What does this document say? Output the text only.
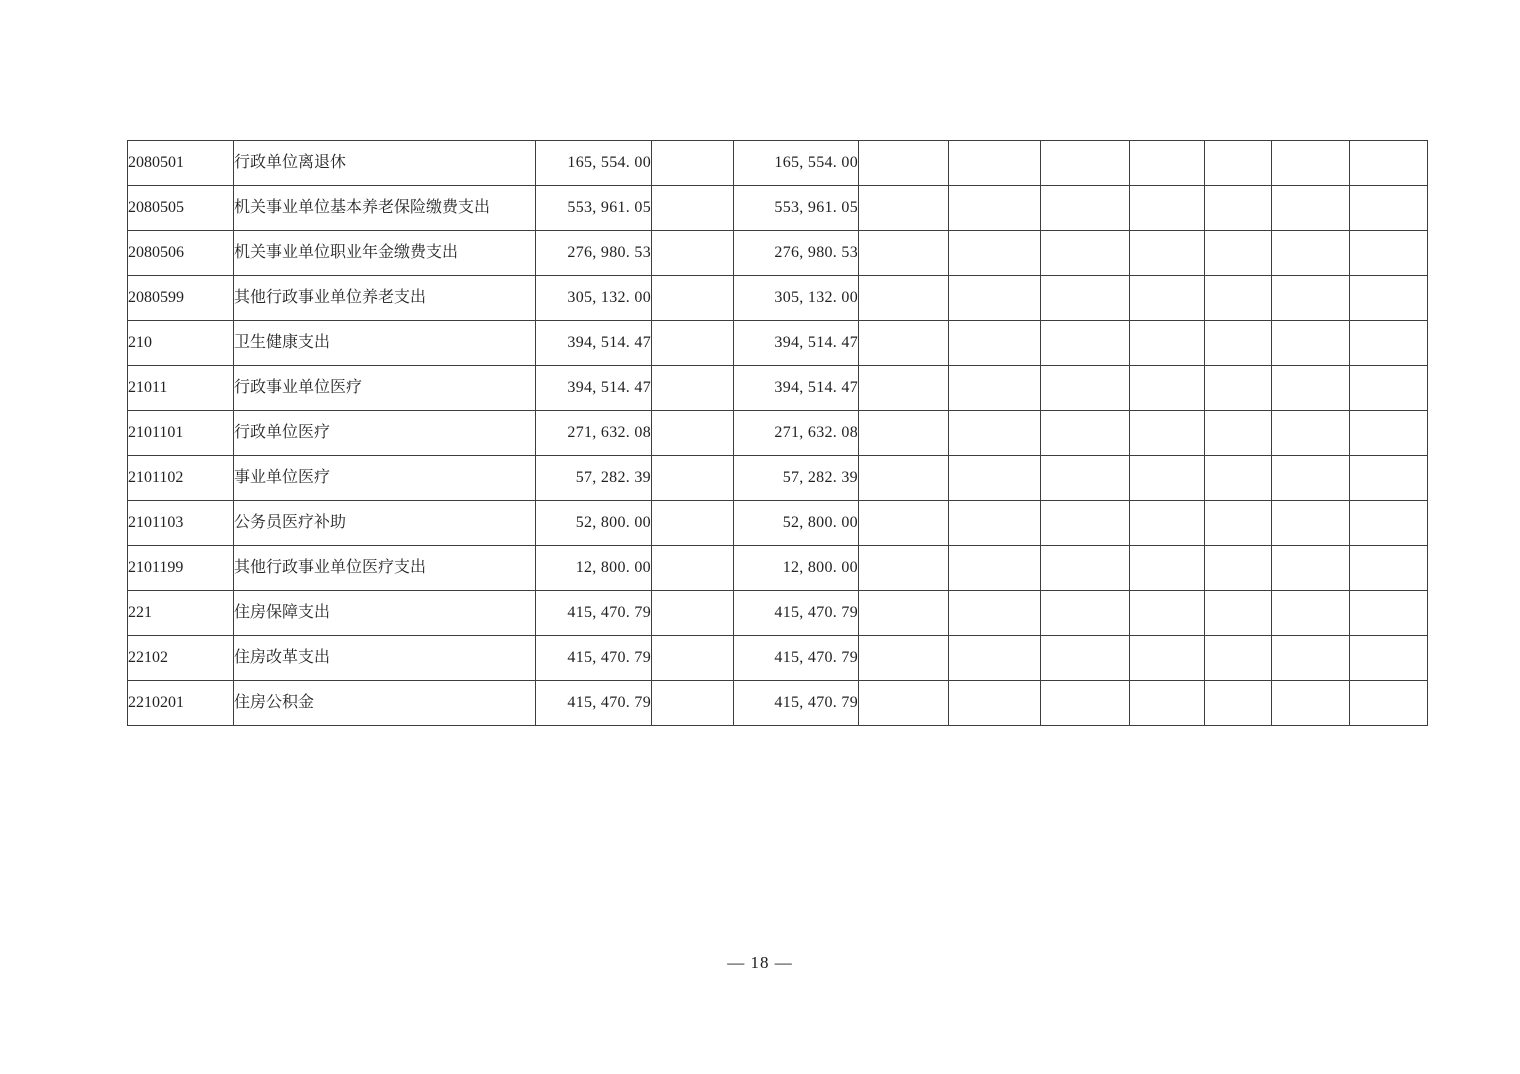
2080501	行政单位离退休	165, 554. 00		165, 554. 00							
2080505	机关事业单位基本养老保险缴费支出	553, 961. 05		553, 961. 05							
2080506	机关事业单位职业年金缴费支出	276, 980. 53		276, 980. 53							
2080599	其他行政事业单位养老支出	305, 132. 00		305, 132. 00							
210	卫生健康支出	394, 514. 47		394, 514. 47							
21011	行政事业单位医疗	394, 514. 47		394, 514. 47							
2101101	行政单位医疗	271, 632. 08		271, 632. 08							
2101102	事业单位医疗	57, 282. 39		57, 282. 39							
2101103	公务员医疗补助	52, 800. 00		52, 800. 00							
2101199	其他行政事业单位医疗支出	12, 800. 00		12, 800. 00							
221	住房保障支出	415, 470. 79		415, 470. 79							
22102	住房改革支出	415, 470. 79		415, 470. 79							
2210201	住房公积金	415, 470. 79		415, 470. 79							
— 18 —
